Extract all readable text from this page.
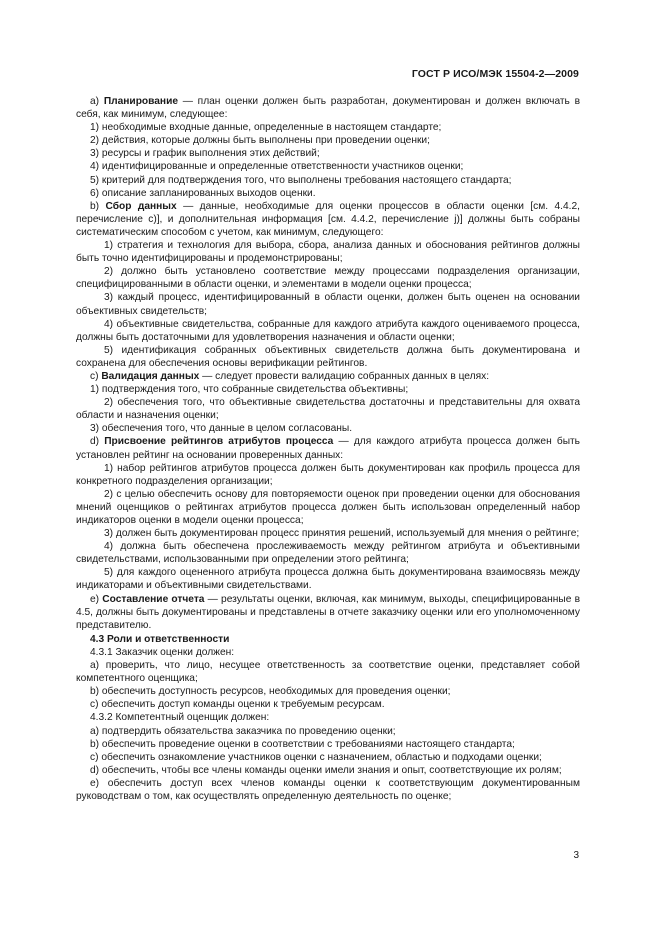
ГОСТ Р ИСО/МЭК 15504-2—2009

a) Планирование — план оценки должен быть разработан, документирован и должен включать в себя, как минимум, следующее:

1) необходимые входные данные, определенные в настоящем стандарте;

2) действия, которые должны быть выполнены при проведении оценки;

3) ресурсы и график выполнения этих действий;

4) идентифицированные и определенные ответственности участников оценки;

5) критерий для подтверждения того, что выполнены требования настоящего стандарта;

6) описание запланированных выходов оценки.

b) Сбор данных — данные, необходимые для оценки процессов в области оценки [см. 4.4.2, перечисление с)], и дополнительная информация [см. 4.4.2, перечисление j)] должны быть собраны систематическим способом с учетом, как минимум, следующего:

1) стратегия и технология для выбора, сбора, анализа данных и обоснования рейтингов должны быть точно идентифицированы и продемонстрированы;

2) должно быть установлено соответствие между процессами подразделения организации, специфицированными в области оценки, и элементами в модели оценки процесса;

3) каждый процесс, идентифицированный в области оценки, должен быть оценен на основании объективных свидетельств;

4) объективные свидетельства, собранные для каждого атрибута каждого оцениваемого процесса, должны быть достаточными для удовлетворения назначения и области оценки;

5) идентификация собранных объективных свидетельств должна быть документирована и сохранена для обеспечения основы верификации рейтингов.

c) Валидация данных — следует провести валидацию собранных данных в целях:

1) подтверждения того, что собранные свидетельства объективны;

2) обеспечения того, что объективные свидетельства достаточны и представительны для охвата области и назначения оценки;

3) обеспечения того, что данные в целом согласованы.

d) Присвоение рейтингов атрибутов процесса — для каждого атрибута процесса должен быть установлен рейтинг на основании проверенных данных:

1) набор рейтингов атрибутов процесса должен быть документирован как профиль процесса для конкретного подразделения организации;

2) с целью обеспечить основу для повторяемости оценок при проведении оценки для обоснования мнений оценщиков о рейтингах атрибутов процесса должен быть использован определенный набор индикаторов оценки в модели оценки процесса;

3) должен быть документирован процесс принятия решений, используемый для мнения о рейтинге;

4) должна быть обеспечена прослеживаемость между рейтингом атрибута и объективными свидетельствами, использованными при определении этого рейтинга;

5) для каждого оцененного атрибута процесса должна быть документирована взаимосвязь между индикаторами и объективными свидетельствами.

e) Составление отчета — результаты оценки, включая, как минимум, выходы, специфицированные в 4.5, должны быть документированы и представлены в отчете заказчику оценки или его уполномоченному представителю.

4.3 Роли и ответственности

4.3.1 Заказчик оценки должен:

а) проверить, что лицо, несущее ответственность за соответствие оценки, представляет собой компетентного оценщика;

b) обеспечить доступность ресурсов, необходимых для проведения оценки;

c) обеспечить доступ команды оценки к требуемым ресурсам.

4.3.2 Компетентный оценщик должен:

а) подтвердить обязательства заказчика по проведению оценки;

b) обеспечить проведение оценки в соответствии с требованиями настоящего стандарта;

c) обеспечить ознакомление участников оценки с назначением, областью и подходами оценки;

d) обеспечить, чтобы все члены команды оценки имели знания и опыт, соответствующие их ролям;

e) обеспечить доступ всех членов команды оценки к соответствующим документированным руководствам о том, как осуществлять определенную деятельность по оценке;

3
